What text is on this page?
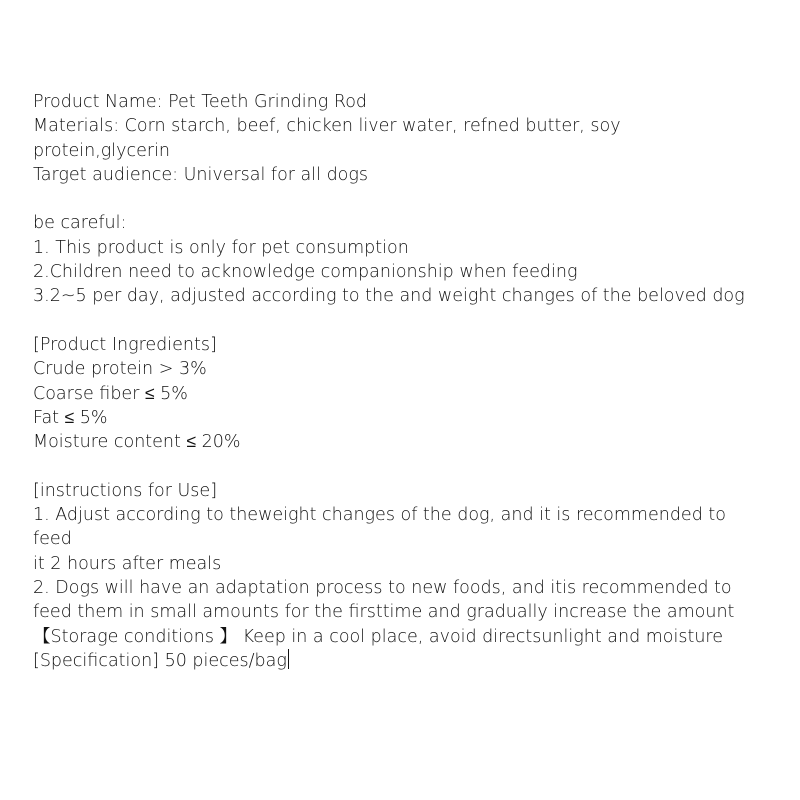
Product Name: Pet Teeth Grinding Rod
Materials: Corn starch, beef, chicken liver water, refned butter, soy
protein,glycerin
Target audience: Universal for all dogs
be careful:
1. This product is only for pet consumption
2.Children need to acknowledge companionship when feeding
3.2~5 per day, adjusted according to the and weight changes of the beloved dog
[Product Ingredients]
Crude protein > 3%
Coarse fiber ≤ 5%
Fat ≤ 5%
Moisture content ≤ 20%
[instructions for Use]
1. Adjust according to theweight changes of the dog, and it is recommended to
feed
it 2 hours after meals
2. Dogs will have an adaptation process to new foods, and itis recommended to
feed them in small amounts for the firsttime and gradually increase the amount
【Storage conditions 】 Keep in a cool place, avoid directsunlight and moisture
[Specification] 50 pieces/bag
